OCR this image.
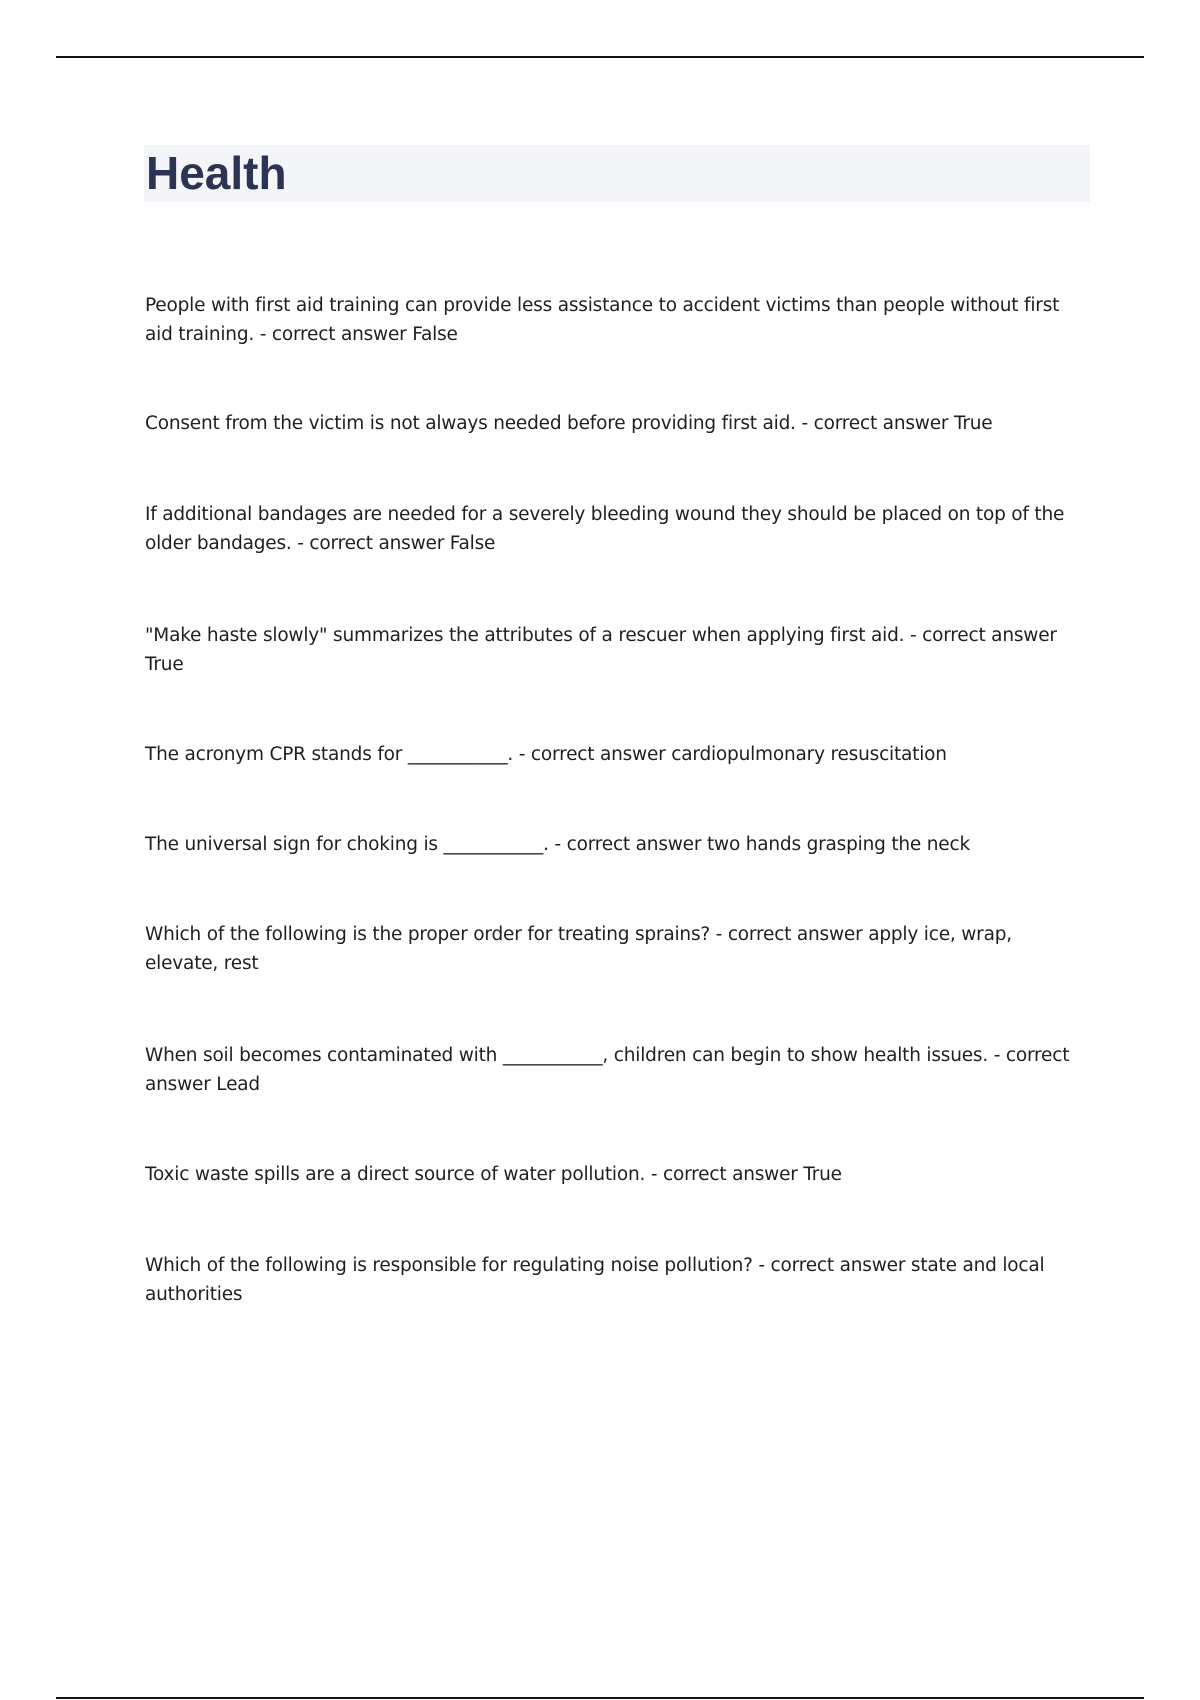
Health

People with first aid training can provide less assistance to accident victims than people without first aid training. - correct answer False

Consent from the victim is not always needed before providing first aid. - correct answer True

If additional bandages are needed for a severely bleeding wound they should be placed on top of the older bandages. - correct answer False

"Make haste slowly" summarizes the attributes of a rescuer when applying first aid. - correct answer True

The acronym CPR stands for ___________. - correct answer cardiopulmonary resuscitation

The universal sign for choking is ___________. - correct answer two hands grasping the neck

Which of the following is the proper order for treating sprains? - correct answer apply ice, wrap, elevate, rest

When soil becomes contaminated with ___________, children can begin to show health issues. - correct answer Lead

Toxic waste spills are a direct source of water pollution. - correct answer True

Which of the following is responsible for regulating noise pollution? - correct answer state and local authorities
